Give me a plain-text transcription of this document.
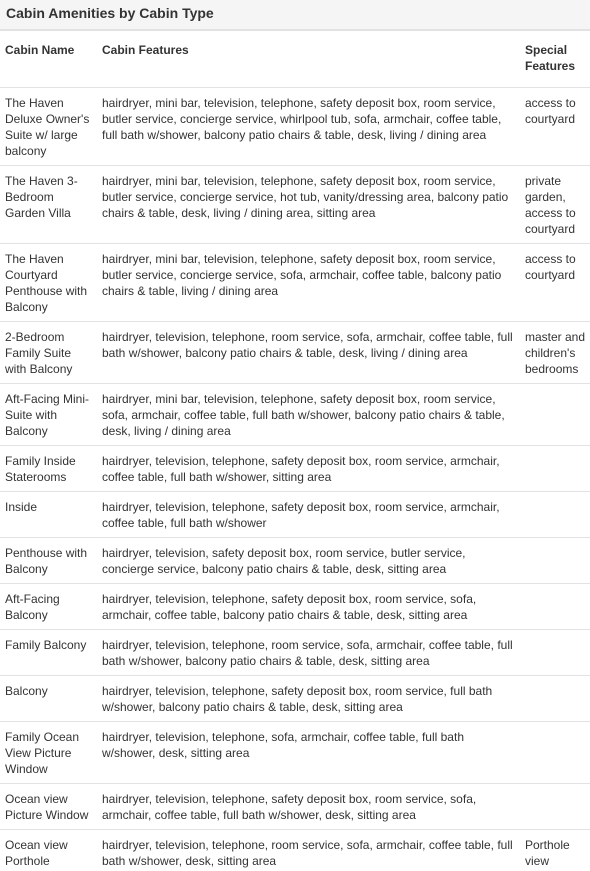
Cabin Amenities by Cabin Type
Cabin Name	Cabin Features	Special Features
The Haven Deluxe Owner's Suite w/ large balcony	hairdryer, mini bar, television, telephone, safety deposit box, room service, butler service, concierge service, whirlpool tub, sofa, armchair, coffee table, full bath w/shower, balcony patio chairs & table, desk, living / dining area	access to courtyard
The Haven 3-Bedroom Garden Villa	hairdryer, mini bar, television, telephone, safety deposit box, room service, butler service, concierge service, hot tub, vanity/dressing area, balcony patio chairs & table, desk, living / dining area, sitting area	private garden, access to courtyard
The Haven Courtyard Penthouse with Balcony	hairdryer, mini bar, television, telephone, safety deposit box, room service, butler service, concierge service, sofa, armchair, coffee table, balcony patio chairs & table, living / dining area	access to courtyard
2-Bedroom Family Suite with Balcony	hairdryer, television, telephone, room service, sofa, armchair, coffee table, full bath w/shower, balcony patio chairs & table, desk, living / dining area	master and children's bedrooms
Aft-Facing Mini- Suite with Balcony	hairdryer, mini bar, television, telephone, safety deposit box, room service, sofa, armchair, coffee table, full bath w/shower, balcony patio chairs & table, desk, living / dining area	
Family Inside Staterooms	hairdryer, television, telephone, safety deposit box, room service, armchair, coffee table, full bath w/shower, sitting area	
Inside	hairdryer, television, telephone, safety deposit box, room service, armchair, coffee table, full bath w/shower	
Penthouse with Balcony	hairdryer, television, safety deposit box, room service, butler service, concierge service, balcony patio chairs & table, desk, sitting area	
Aft-Facing Balcony	hairdryer, television, telephone, safety deposit box, room service, sofa, armchair, coffee table, balcony patio chairs & table, desk, sitting area	
Family Balcony	hairdryer, television, telephone, room service, sofa, armchair, coffee table, full bath w/shower, balcony patio chairs & table, desk, sitting area	
Balcony	hairdryer, television, telephone, safety deposit box, room service, full bath w/shower, balcony patio chairs & table, desk, sitting area	
Family Ocean View Picture Window	hairdryer, television, telephone, sofa, armchair, coffee table, full bath w/shower, desk, sitting area	
Ocean view Picture Window	hairdryer, television, telephone, safety deposit box, room service, sofa, armchair, coffee table, full bath w/shower, desk, sitting area	
Ocean view Porthole	hairdryer, television, telephone, room service, sofa, armchair, coffee table, full bath w/shower, desk, sitting area	Porthole view
